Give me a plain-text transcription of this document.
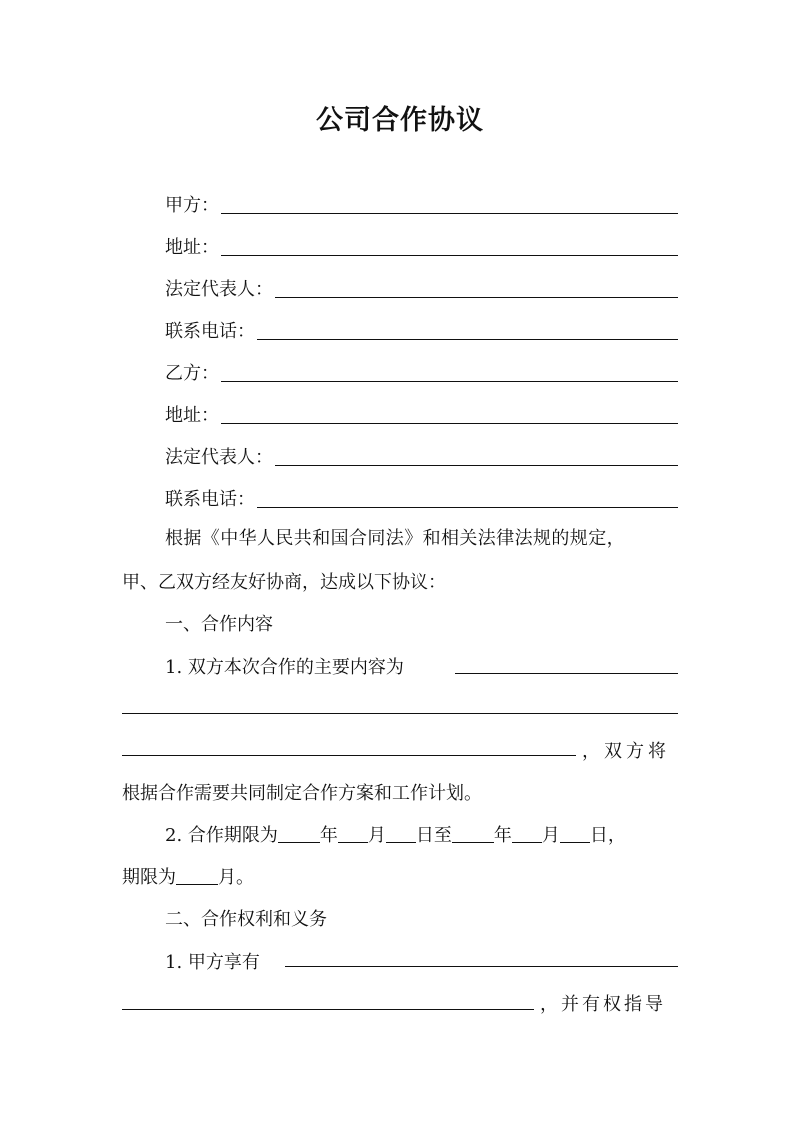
公司合作协议
甲方：
地址：
法定代表人：
联系电话：
乙方：
地址：
法定代表人：
联系电话：
根据《中华人民共和国合同法》和相关法律法规的规定，
甲、乙双方经友好协商，达成以下协议：
一、合作内容
1. 双方本次合作的主要内容为
，双方将
根据合作需要共同制定合作方案和工作计划。
2. 合作期限为 年 月 日至 年 月 日，
期限为 月。
二、合作权利和义务
1. 甲方享有
，并有权指导
